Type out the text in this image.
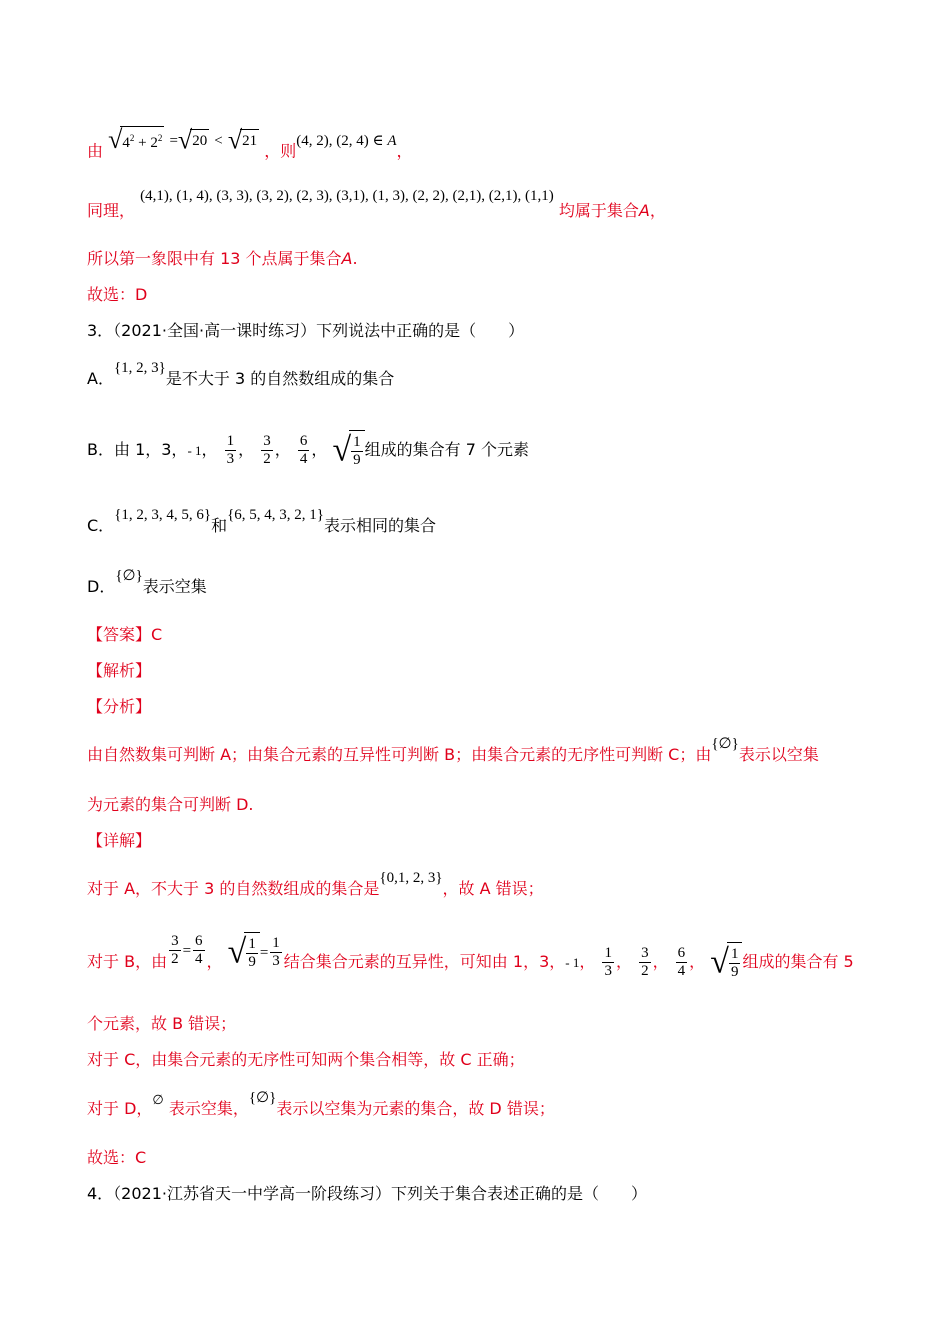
由 $√4^2 + 2^2 =√20 < √21$ ，则(4, 2), (2, 4) ∈ A，
同理， (4,1), (1, 4), (3, 3), (3, 2), (2, 3), (3,1), (1, 3), (2, 2), (2,1), (2,1), (1,1) 均属于集合A，
所以第一象限中有 13 个点属于集合A.
故选：D
3．（2021·全国·高一课时练习）下列说法中正确的是（　　）
A．{1, 2, 3}是不大于 3 的自然数组成的集合
B．由 1，3，- 1， $\frac{1}{3}$ ， $\frac{3}{2}$ ， $\frac{6}{4}$ ， √ $\frac{1}{9}$ 组成的集合有 7 个元素
C．{1, 2, 3, 4, 5, 6}和{6, 5, 4, 3, 2, 1}表示相同的集合
D．{∅}表示空集
【答案】C
【解析】
【分析】
由自然数集可判断 A；由集合元素的互异性可判断 B；由集合元素的无序性可判断 C；由{∅}表示以空集
为元素的集合可判断 D.
【详解】
对于 A，不大于 3 的自然数组成的集合是{0,1, 2, 3}，故 A 错误；
对于 B，由 $\frac{3}{2} = \frac{6}{4}$ ， √ $\frac{1}{9} = \frac{1}{3}$ 结合集合元素的互异性，可知由 1，3，- 1， $\frac{1}{3}$ ， $\frac{3}{2}$ ， $\frac{6}{4}$ ， √ $\frac{1}{9}$ 组成的集合有 5
个元素，故 B 错误；
对于 C，由集合元素的无序性可知两个集合相等，故 C 正确；
对于 D，∅ 表示空集，{∅}表示以空集为元素的集合，故 D 错误；
故选：C
4．（2021·江苏省天一中学高一阶段练习）下列关于集合表述正确的是（　　）
